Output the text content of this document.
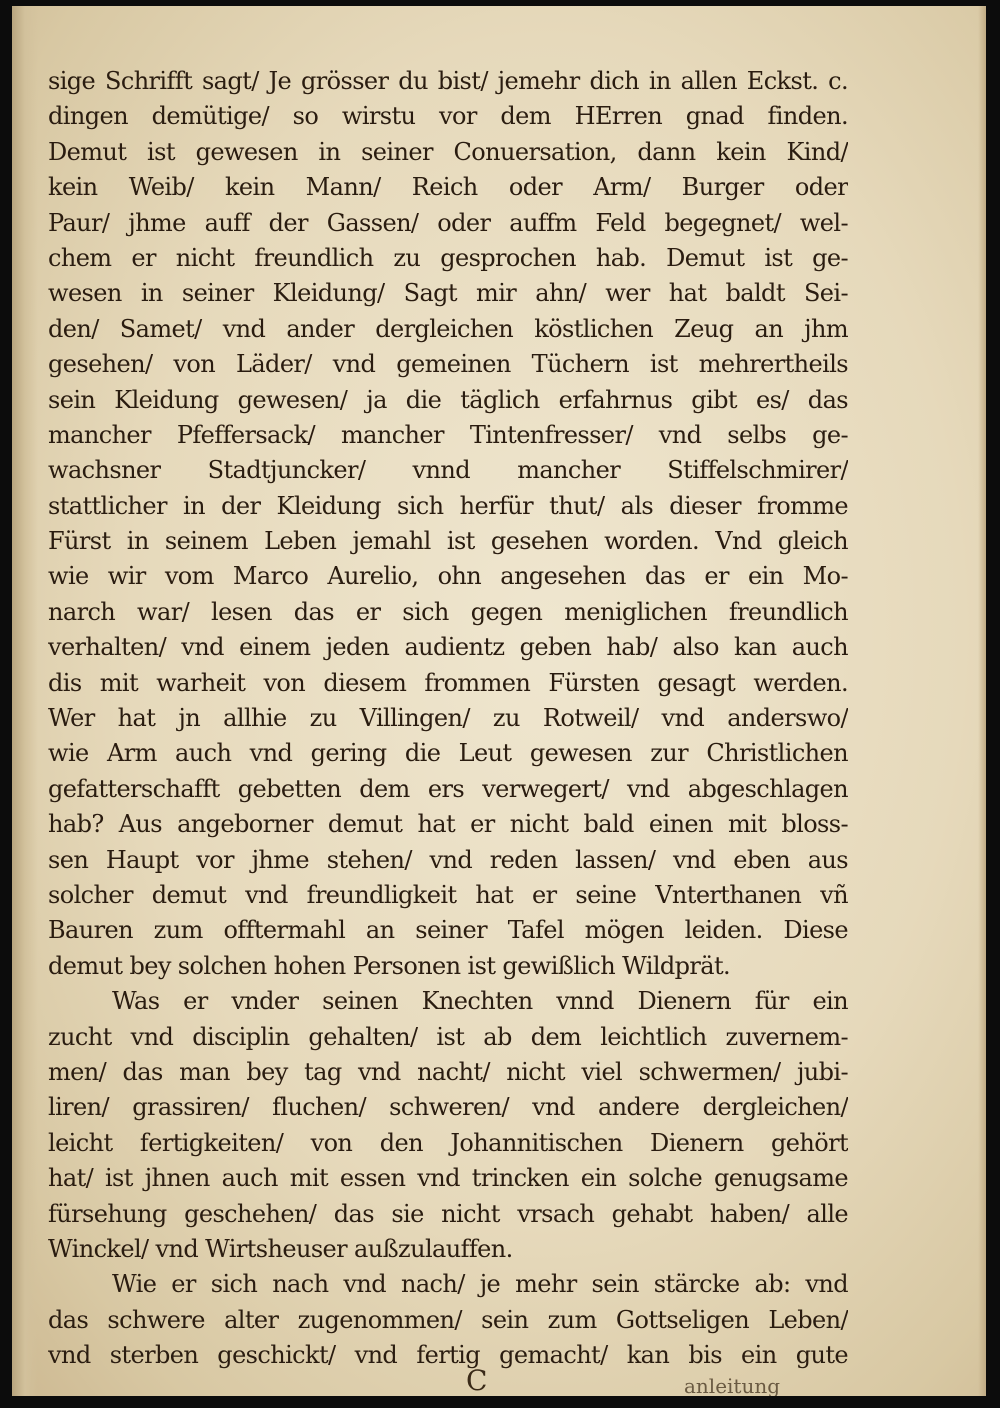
sige Schrifft sagt/ Je grösser du bist/ jemehr dich in allen Eckst. c.
dingen demütige/ so wirstu vor dem HErren gnad finden.
Demut ist gewesen in seiner Conuersation, dann kein Kind/
kein Weib/ kein Mann/ Reich oder Arm/ Burger oder
Paur/ jhme auff der Gassen/ oder auffm Feld begegnet/ wel-
chem er nicht freundlich zu gesprochen hab. Demut ist ge-
wesen in seiner Kleidung/ Sagt mir ahn/ wer hat baldt Sei-
den/ Samet/ vnd ander dergleichen köstlichen Zeug an jhm
gesehen/ von Läder/ vnd gemeinen Tüchern ist mehrertheils
sein Kleidung gewesen/ ja die täglich erfahrnus gibt es/ das
mancher Pfeffersack/ mancher Tintenfresser/ vnd selbs ge-
wachsner Stadtjuncker/ vnnd mancher Stiffelschmirer/
stattlicher in der Kleidung sich herfür thut/ als dieser fromme
Fürst in seinem Leben jemahl ist gesehen worden. Vnd gleich
wie wir vom Marco Aurelio, ohn angesehen das er ein Mo-
narch war/ lesen das er sich gegen meniglichen freundlich
verhalten/ vnd einem jeden audientz geben hab/ also kan auch
dis mit warheit von diesem frommen Fürsten gesagt werden.
Wer hat jn allhie zu Villingen/ zu Rotweil/ vnd anderswo/
wie Arm auch vnd gering die Leut gewesen zur Christlichen
gefatterschafft gebetten dem ers verwegert/ vnd abgeschlagen
hab? Aus angeborner demut hat er nicht bald einen mit bloss-
sen Haupt vor jhme stehen/ vnd reden lassen/ vnd eben aus
solcher demut vnd freundligkeit hat er seine Vnterthanen vñ
Bauren zum offtermahl an seiner Tafel mögen leiden. Diese
demut bey solchen hohen Personen ist gewißlich Wildprät.
Was er vnder seinen Knechten vnnd Dienern für ein
zucht vnd disciplin gehalten/ ist ab dem leichtlich zuvernem-
men/ das man bey tag vnd nacht/ nicht viel schwermen/ jubi-
liren/ grassiren/ fluchen/ schweren/ vnd andere dergleichen/
leicht fertigkeiten/ von den Johannitischen Dienern gehört
hat/ ist jhnen auch mit essen vnd trincken ein solche genugsame
fürsehung geschehen/ das sie nicht vrsach gehabt haben/ alle
Winckel/ vnd Wirtsheuser außzulauffen.
Wie er sich nach vnd nach/ je mehr sein stärcke ab: vnd
das schwere alter zugenommen/ sein zum Gottseligen Leben/
vnd sterben geschickt/ vnd fertig gemacht/ kan bis ein gute
C	anleitung
